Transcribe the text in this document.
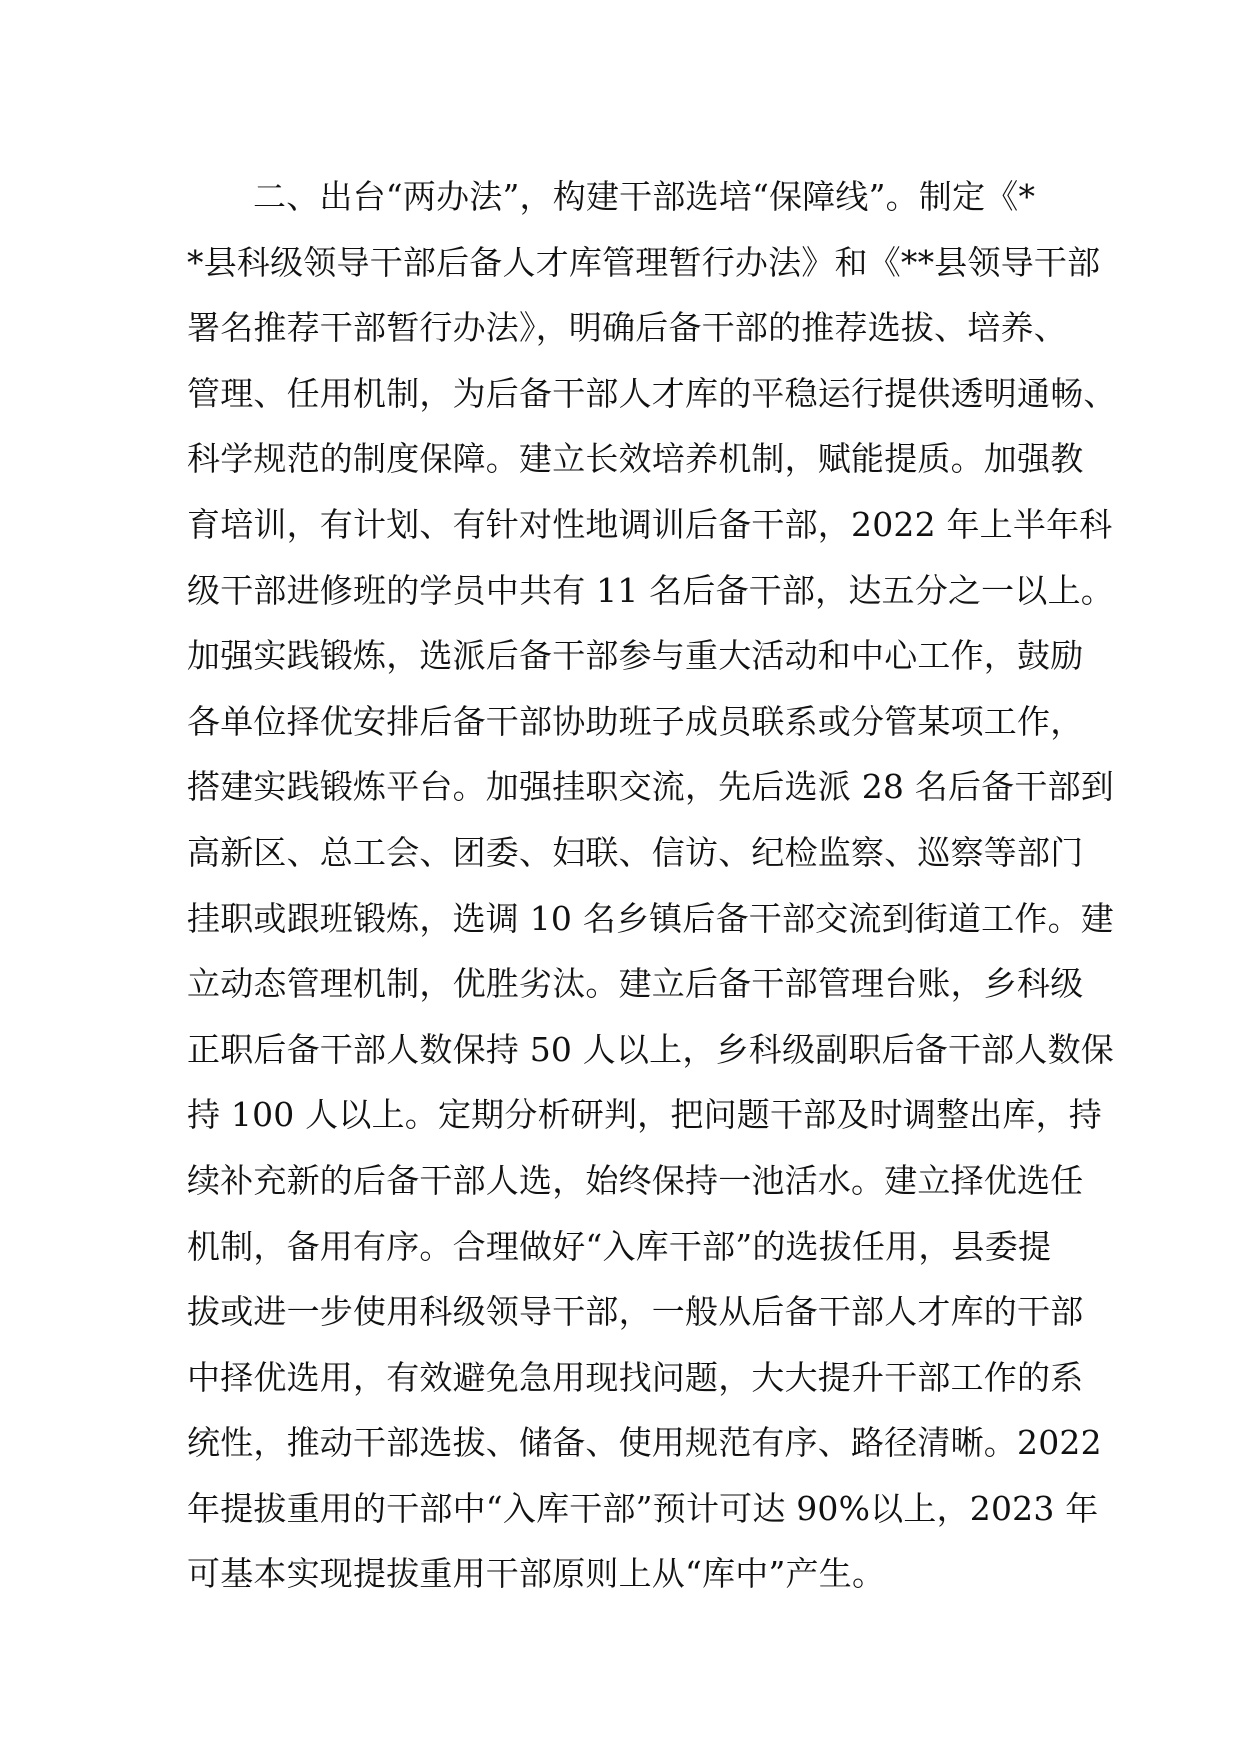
二、出台“两办法”，构建干部选培“保障线”。制定《*
*县科级领导干部后备人才库管理暂行办法》和《**县领导干部
署名推荐干部暂行办法》，明确后备干部的推荐选拔、培养、
管理、任用机制，为后备干部人才库的平稳运行提供透明通畅、
科学规范的制度保障。建立长效培养机制，赋能提质。加强教
育培训，有计划、有针对性地调训后备干部，2022 年上半年科
级干部进修班的学员中共有 11 名后备干部，达五分之一以上。
加强实践锻炼，选派后备干部参与重大活动和中心工作，鼓励
各单位择优安排后备干部协助班子成员联系或分管某项工作，
搭建实践锻炼平台。加强挂职交流，先后选派 28 名后备干部到
高新区、总工会、团委、妇联、信访、纪检监察、巡察等部门
挂职或跟班锻炼，选调 10 名乡镇后备干部交流到街道工作。建
立动态管理机制，优胜劣汰。建立后备干部管理台账，乡科级
正职后备干部人数保持 50 人以上，乡科级副职后备干部人数保
持 100 人以上。定期分析研判，把问题干部及时调整出库，持
续补充新的后备干部人选，始终保持一池活水。建立择优选任
机制，备用有序。合理做好“入库干部”的选拔任用，县委提
拔或进一步使用科级领导干部，一般从后备干部人才库的干部
中择优选用，有效避免急用现找问题，大大提升干部工作的系
统性，推动干部选拔、储备、使用规范有序、路径清晰。2022
年提拔重用的干部中“入库干部”预计可达 90%以上，2023 年
可基本实现提拔重用干部原则上从“库中”产生。
